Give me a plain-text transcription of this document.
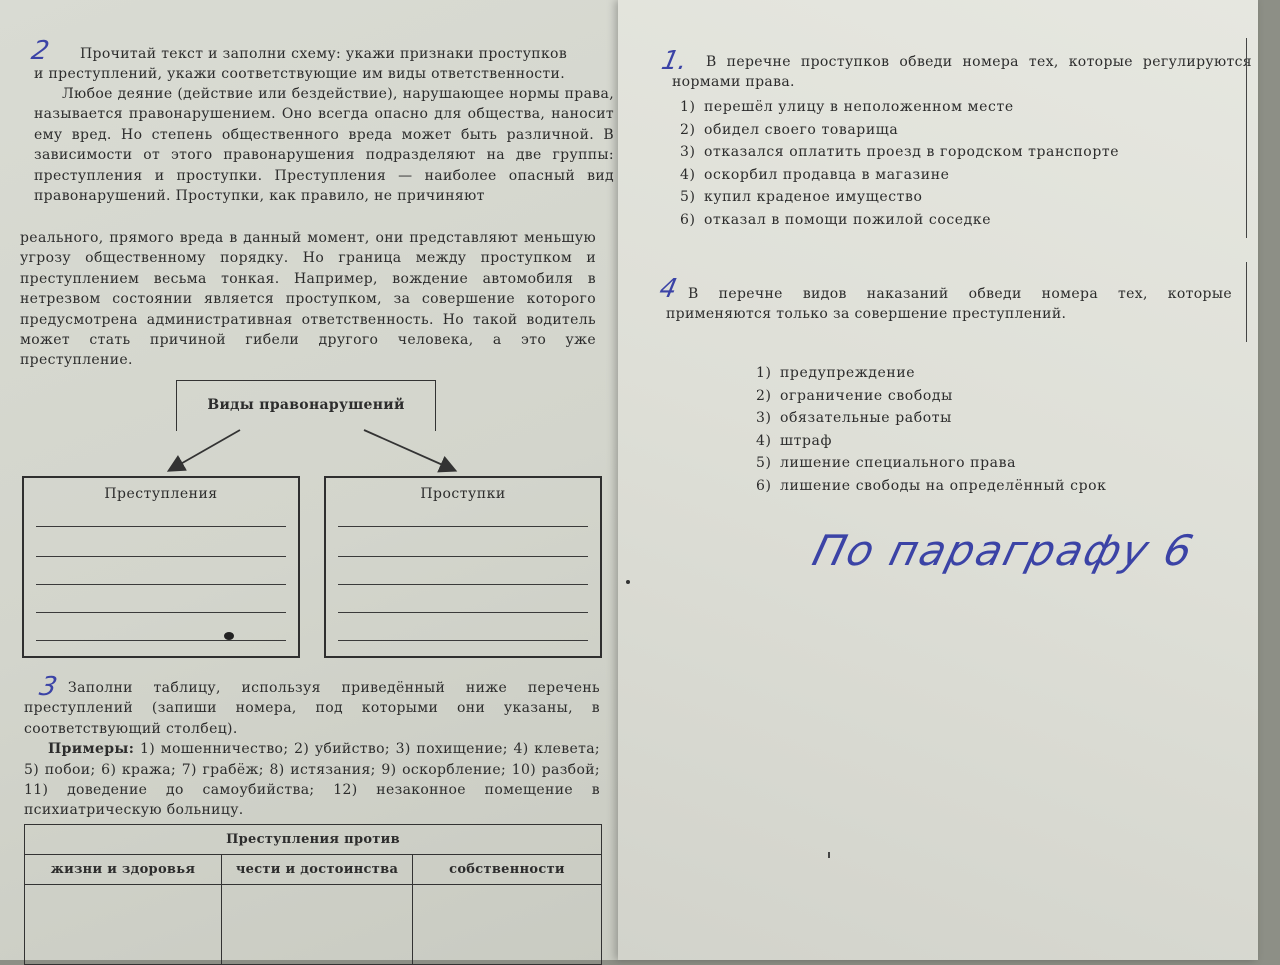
2	Прочитай текст и заполни схему: укажи признаки проступков
и преступлений, укажи соответствующие им виды ответственности.

Любое деяние (действие или бездействие), нарушающее нормы права, называется правонарушением. Оно всегда опасно для общества, наносит ему вред. Но степень общественного вреда может быть различной. В зависимости от этого правонарушения подразделяют на две группы: преступления и проступки. Преступления — наиболее опасный вид правонарушений. Проступки, как правило, не причиняют

реального, прямого вреда в данный момент, они представляют меньшую угрозу общественному порядку. Но граница между проступком и преступлением весьма тонкая. Например, вождение автомобиля в нетрезвом состоянии является проступком, за совершение которого предусмотрена административная ответственность. Но такой водитель может стать причиной гибели другого человека, а это уже преступление.

Виды правонарушений
Преступления	Проступки
3 Заполни таблицу, используя приведённый ниже перечень преступлений (запиши номера, под которыми они указаны, в соответствующий столбец).

Примеры: 1) мошенничество; 2) убийство; 3) похищение; 4) клевета; 5) побои; 6) кража; 7) грабёж; 8) истязания; 9) оскорбление; 10) разбой; 11) доведение до самоубийства; 12) незаконное помещение в психиатрическую больницу.

Преступления против		
жизни и здоровья	чести и достоинства	собственности

1.	В перечне проступков обведи номера тех, которые регулируются нормами права.

1) перешёл улицу в неположенном месте
2) обидел своего товарища
3) отказался оплатить проезд в городском транспорте
4) оскорбил продавца в магазине
5) купил краденое имущество
6) отказал в помощи пожилой соседке
4 В перечне видов наказаний обведи номера тех, которые применяются только за совершение преступлений.

1) предупреждение
2) ограничение свободы
3) обязательные работы
4) штраф
5) лишение специального права
6) лишение свободы на определённый срок
По параграфу 6
